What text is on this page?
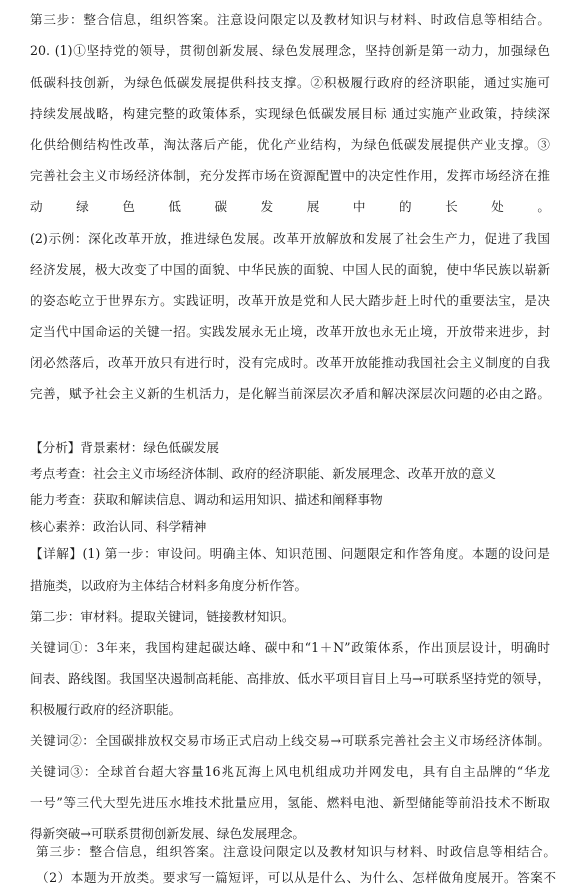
第三步：整合信息，组织答案。注意设问限定以及教材知识与材料、时政信息等相结合。
20. (1)①坚持党的领导，贯彻创新发展、绿色发展理念，坚持创新是第一动力，加强绿色
低碳科技创新，为绿色低碳发展提供科技支撑。②积极履行政府的经济职能，通过实施可
持续发展战略，构建完整的政策体系，实现绿色低碳发展目标 通过实施产业政策，持续深
化供给侧结构性改革，淘汰落后产能，优化产业结构，为绿色低碳发展提供产业支撑。③
完善社会主义市场经济体制，充分发挥市场在资源配置中的决定性作用，发挥市场经济在推
动绿色低碳发展中的长处。
(2)示例：深化改革开放，推进绿色发展。改革开放解放和发展了社会生产力，促进了我国
经济发展，极大改变了中国的面貌、中华民族的面貌、中国人民的面貌，使中华民族以崭新
的姿态屹立于世界东方。实践证明，改革开放是党和人民大踏步赶上时代的重要法宝，是决
定当代中国命运的关键一招。实践发展永无止境，改革开放也永无止境，开放带来进步，封
闭必然落后，改革开放只有进行时，没有完成时。改革开放能推动我国社会主义制度的自我
完善，赋予社会主义新的生机活力，是化解当前深层次矛盾和解决深层次问题的必由之路。
【分析】背景素材：绿色低碳发展
考点考查：社会主义市场经济体制、政府的经济职能、新发展理念、改革开放的意义
能力考查：获取和解读信息、调动和运用知识、描述和阐释事物
核心素养：政治认同、科学精神
【详解】(1) 第一步：审设问。明确主体、知识范围、问题限定和作答角度。本题的设问是
措施类，以政府为主体结合材料多角度分析作答。
第二步：审材料。提取关键词，链接教材知识。
关键词①：3年来，我国构建起碳达峰、碳中和“1＋N”政策体系，作出顶层设计，明确时
间表、路线图。我国坚决遏制高耗能、高排放、低水平项目盲目上马→可联系坚持党的领导，
积极履行政府的经济职能。
关键词②：全国碳排放权交易市场正式启动上线交易→可联系完善社会主义市场经济体制。
关键词③：全球首台超大容量16兆瓦海上风电机组成功并网发电，具有自主品牌的“华龙
一号”等三代大型先进压水堆技术批量应用，氢能、燃料电池、新型储能等前沿技术不断取
得新突破→可联系贯彻创新发展、绿色发展理念。
第三步：整合信息，组织答案。注意设问限定以及教材知识与材料、时政信息等相结合。
（2）本题为开放类。要求写一篇短评，可以从是什么、为什么、怎样做角度展开。答案不
